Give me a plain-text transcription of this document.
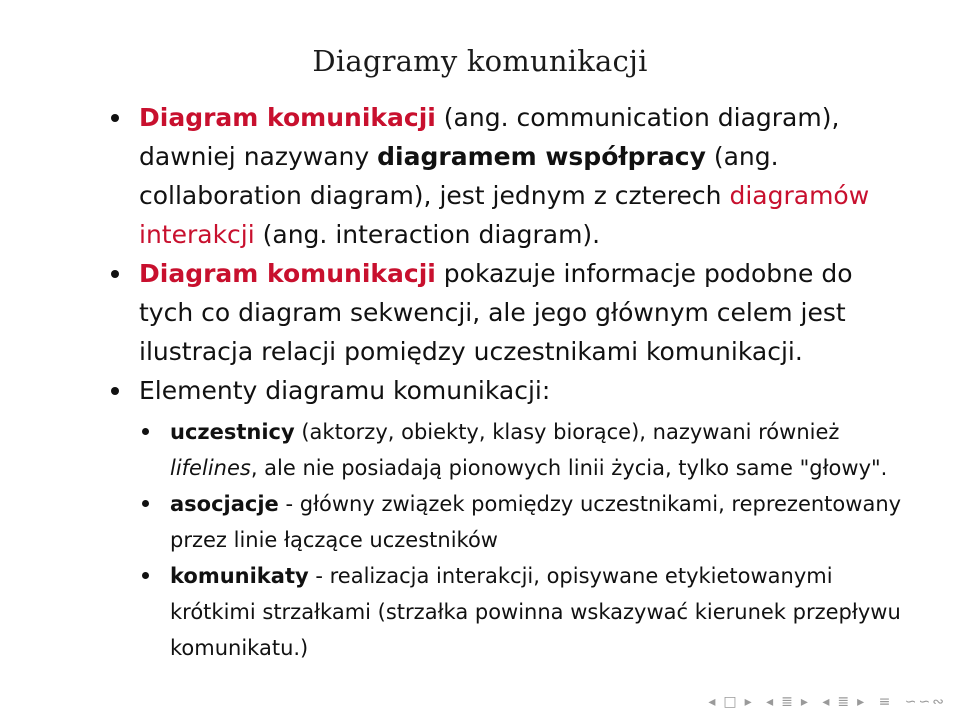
Diagramy komunikacji
Diagram komunikacji (ang. communication diagram), dawniej nazywany diagramem współpracy (ang. collaboration diagram), jest jednym z czterech diagramów interakcji (ang. interaction diagram).
Diagram komunikacji pokazuje informacje podobne do tych co diagram sekwencji, ale jego głównym celem jest ilustracja relacji pomiędzy uczestnikami komunikacji.
Elementy diagramu komunikacji:
uczestnicy (aktorzy, obiekty, klasy biorące), nazywani również lifelines, ale nie posiadają pionowych linii życia, tylko same "głowy".
asocjacje - główny związek pomiędzy uczestnikami, reprezentowany przez linie łączące uczestników
komunikaty - realizacja interakcji, opisywane etykietowanymi krótkimi strzałkami (strzałka powinna wskazywać kierunek przepływu komunikatu.)
◂ □ ▸ ◂ ≣ ▸ ◂ ≣ ▸ ≡ ∽∽∾
